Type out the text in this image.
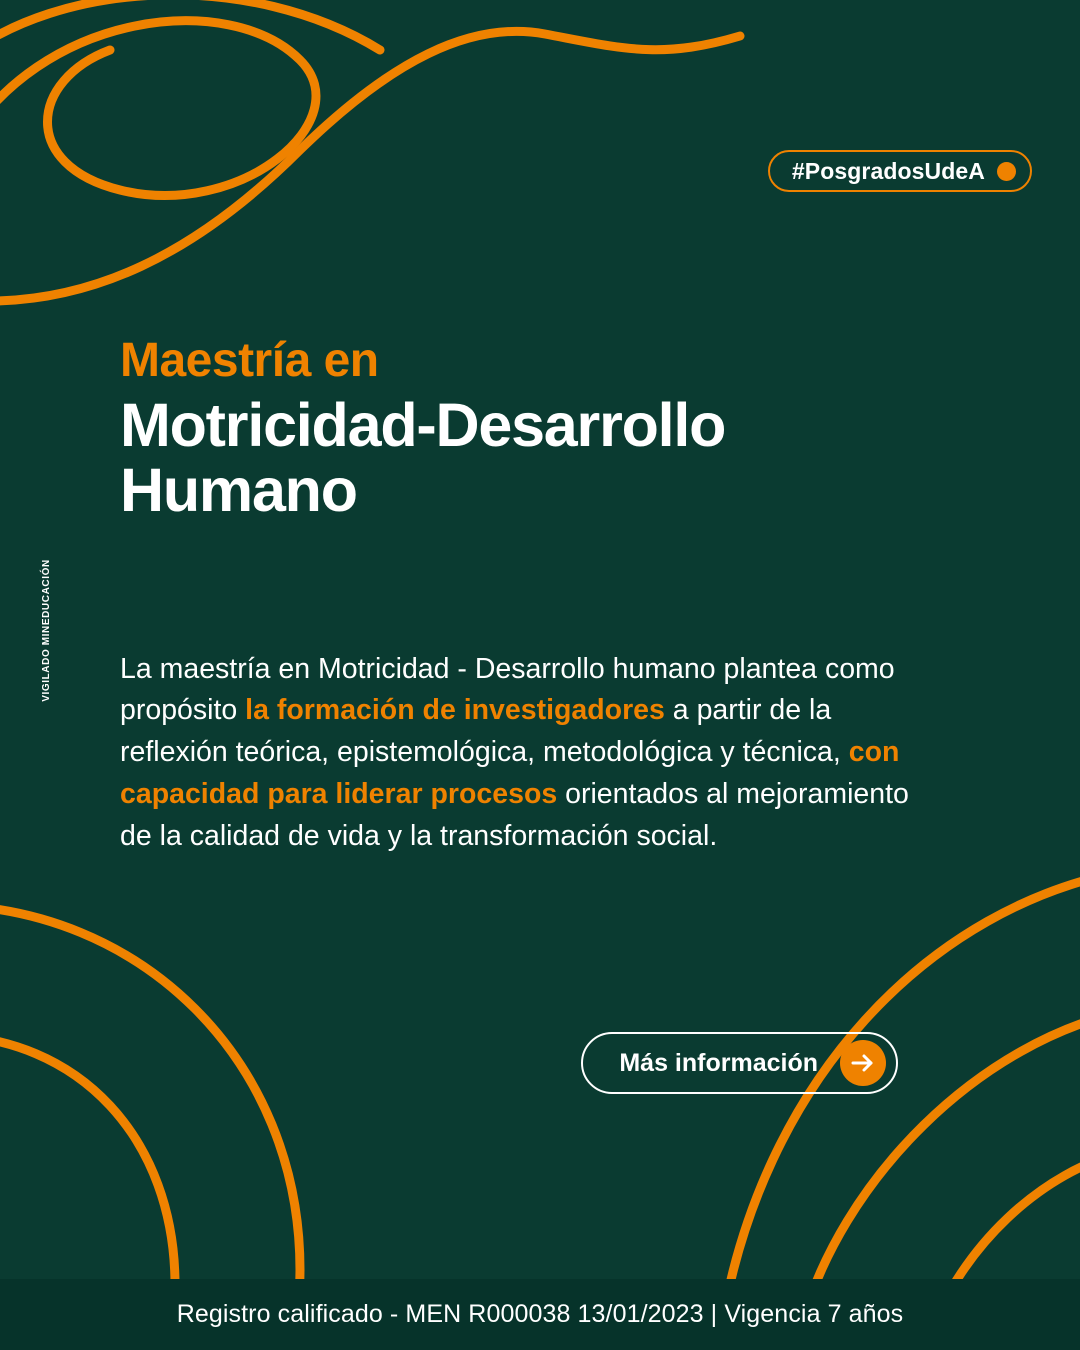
#PosgradosUdeA
VIGILADO MINEDUCACIÓN

Maestría en

Motricidad-Desarrollo Humano

La maestría en Motricidad - Desarrollo humano plantea como propósito la formación de investigadores a partir de la reflexión teórica, epistemológica, metodológica y técnica, con capacidad para liderar procesos orientados al mejoramiento de la calidad de vida y la transformación social.

Más información
Registro calificado - MEN R000038 13/01/2023 | Vigencia 7 años
